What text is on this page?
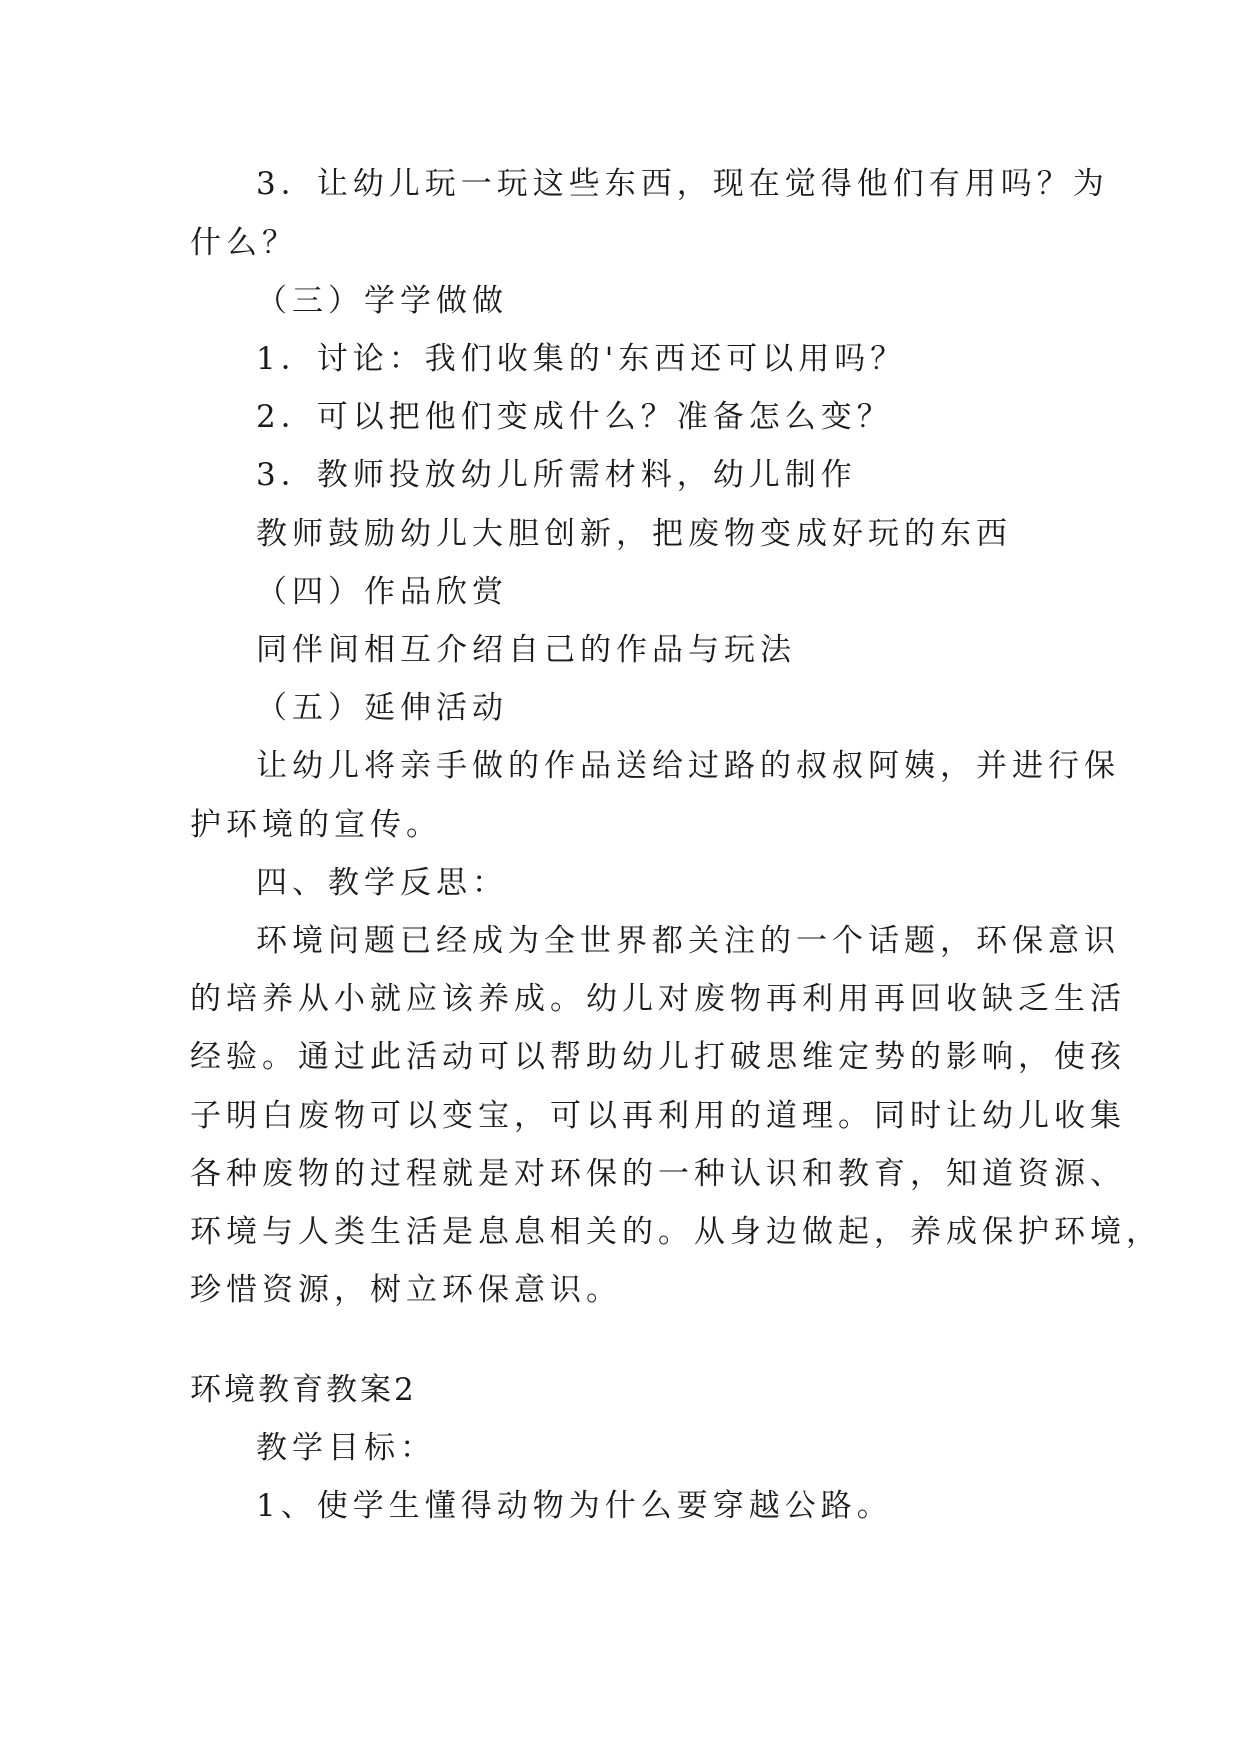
3．让幼儿玩一玩这些东西，现在觉得他们有用吗？为
什么？
（三）学学做做
1．讨论：我们收集的'东西还可以用吗？
2．可以把他们变成什么？准备怎么变？
3．教师投放幼儿所需材料，幼儿制作
教师鼓励幼儿大胆创新，把废物变成好玩的东西
（四）作品欣赏
同伴间相互介绍自己的作品与玩法
（五）延伸活动
让幼儿将亲手做的作品送给过路的叔叔阿姨，并进行保
护环境的宣传。
四、教学反思：
环境问题已经成为全世界都关注的一个话题，环保意识
的培养从小就应该养成。幼儿对废物再利用再回收缺乏生活
经验。通过此活动可以帮助幼儿打破思维定势的影响，使孩
子明白废物可以变宝，可以再利用的道理。同时让幼儿收集
各种废物的过程就是对环保的一种认识和教育，知道资源、
环境与人类生活是息息相关的。从身边做起，养成保护环境，
珍惜资源，树立环保意识。
环境教育教案2
教学目标：
1、使学生懂得动物为什么要穿越公路。
